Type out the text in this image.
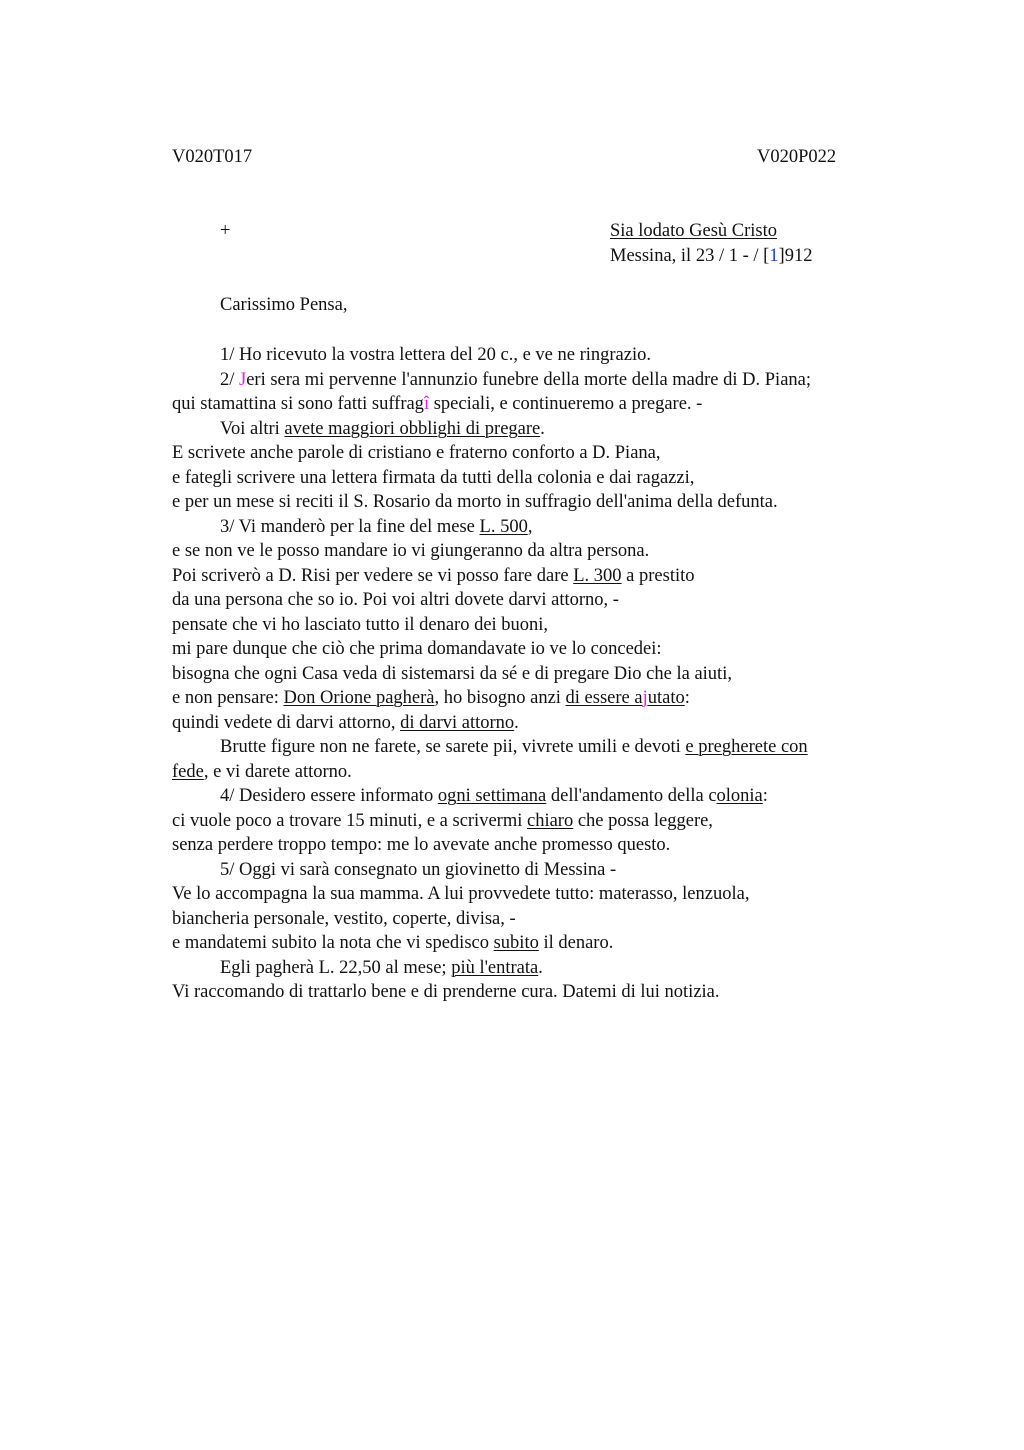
V020T017	V020P022
+	Sia lodato Gesù Cristo
Messina, il 23 / 1 - / [1]912
Carissimo Pensa,
1/ Ho ricevuto la vostra lettera del 20 c., e ve ne ringrazio.
2/ Jeri sera mi pervenne l'annunzio funebre della morte della madre di D. Piana;
qui stamattina si sono fatti suffragî speciali, e continueremo a pregare. -
Voi altri avete maggiori obblighi di pregare.
E scrivete anche parole di cristiano e fraterno conforto a D. Piana,
e fategli scrivere una lettera firmata da tutti della colonia e dai ragazzi,
e per un mese si reciti il S. Rosario da morto in suffragio dell'anima della defunta.
3/ Vi manderò per la fine del mese L. 500,
e se non ve le posso mandare io vi giungeranno da altra persona.
Poi scriverò a D. Risi per vedere se vi posso fare dare L. 300 a prestito
da una persona che so io. Poi voi altri dovete darvi attorno, -
pensate che vi ho lasciato tutto il denaro dei buoni,
mi pare dunque che ciò che prima domandavate io ve lo concedei:
bisogna che ogni Casa veda di sistemarsi da sé e di pregare Dio che la aiuti,
e non pensare: Don Orione pagherà, ho bisogno anzi di essere ajutato:
quindi vedete di darvi attorno, di darvi attorno.
Brutte figure non ne farete, se sarete pii, vivrete umili e devoti e pregherete con
fede, e vi darete attorno.
4/ Desidero essere informato ogni settimana dell'andamento della colonia:
ci vuole poco a trovare 15 minuti, e a scrivermi chiaro che possa leggere,
senza perdere troppo tempo: me lo avevate anche promesso questo.
5/ Oggi vi sarà consegnato un giovinetto di Messina -
Ve lo accompagna la sua mamma. A lui provvedete tutto: materasso, lenzuola,
biancheria personale, vestito, coperte, divisa, -
e mandatemi subito la nota che vi spedisco subito il denaro.
Egli pagherà L. 22,50 al mese; più l'entrata.
Vi raccomando di trattarlo bene e di prenderne cura. Datemi di lui notizia.
